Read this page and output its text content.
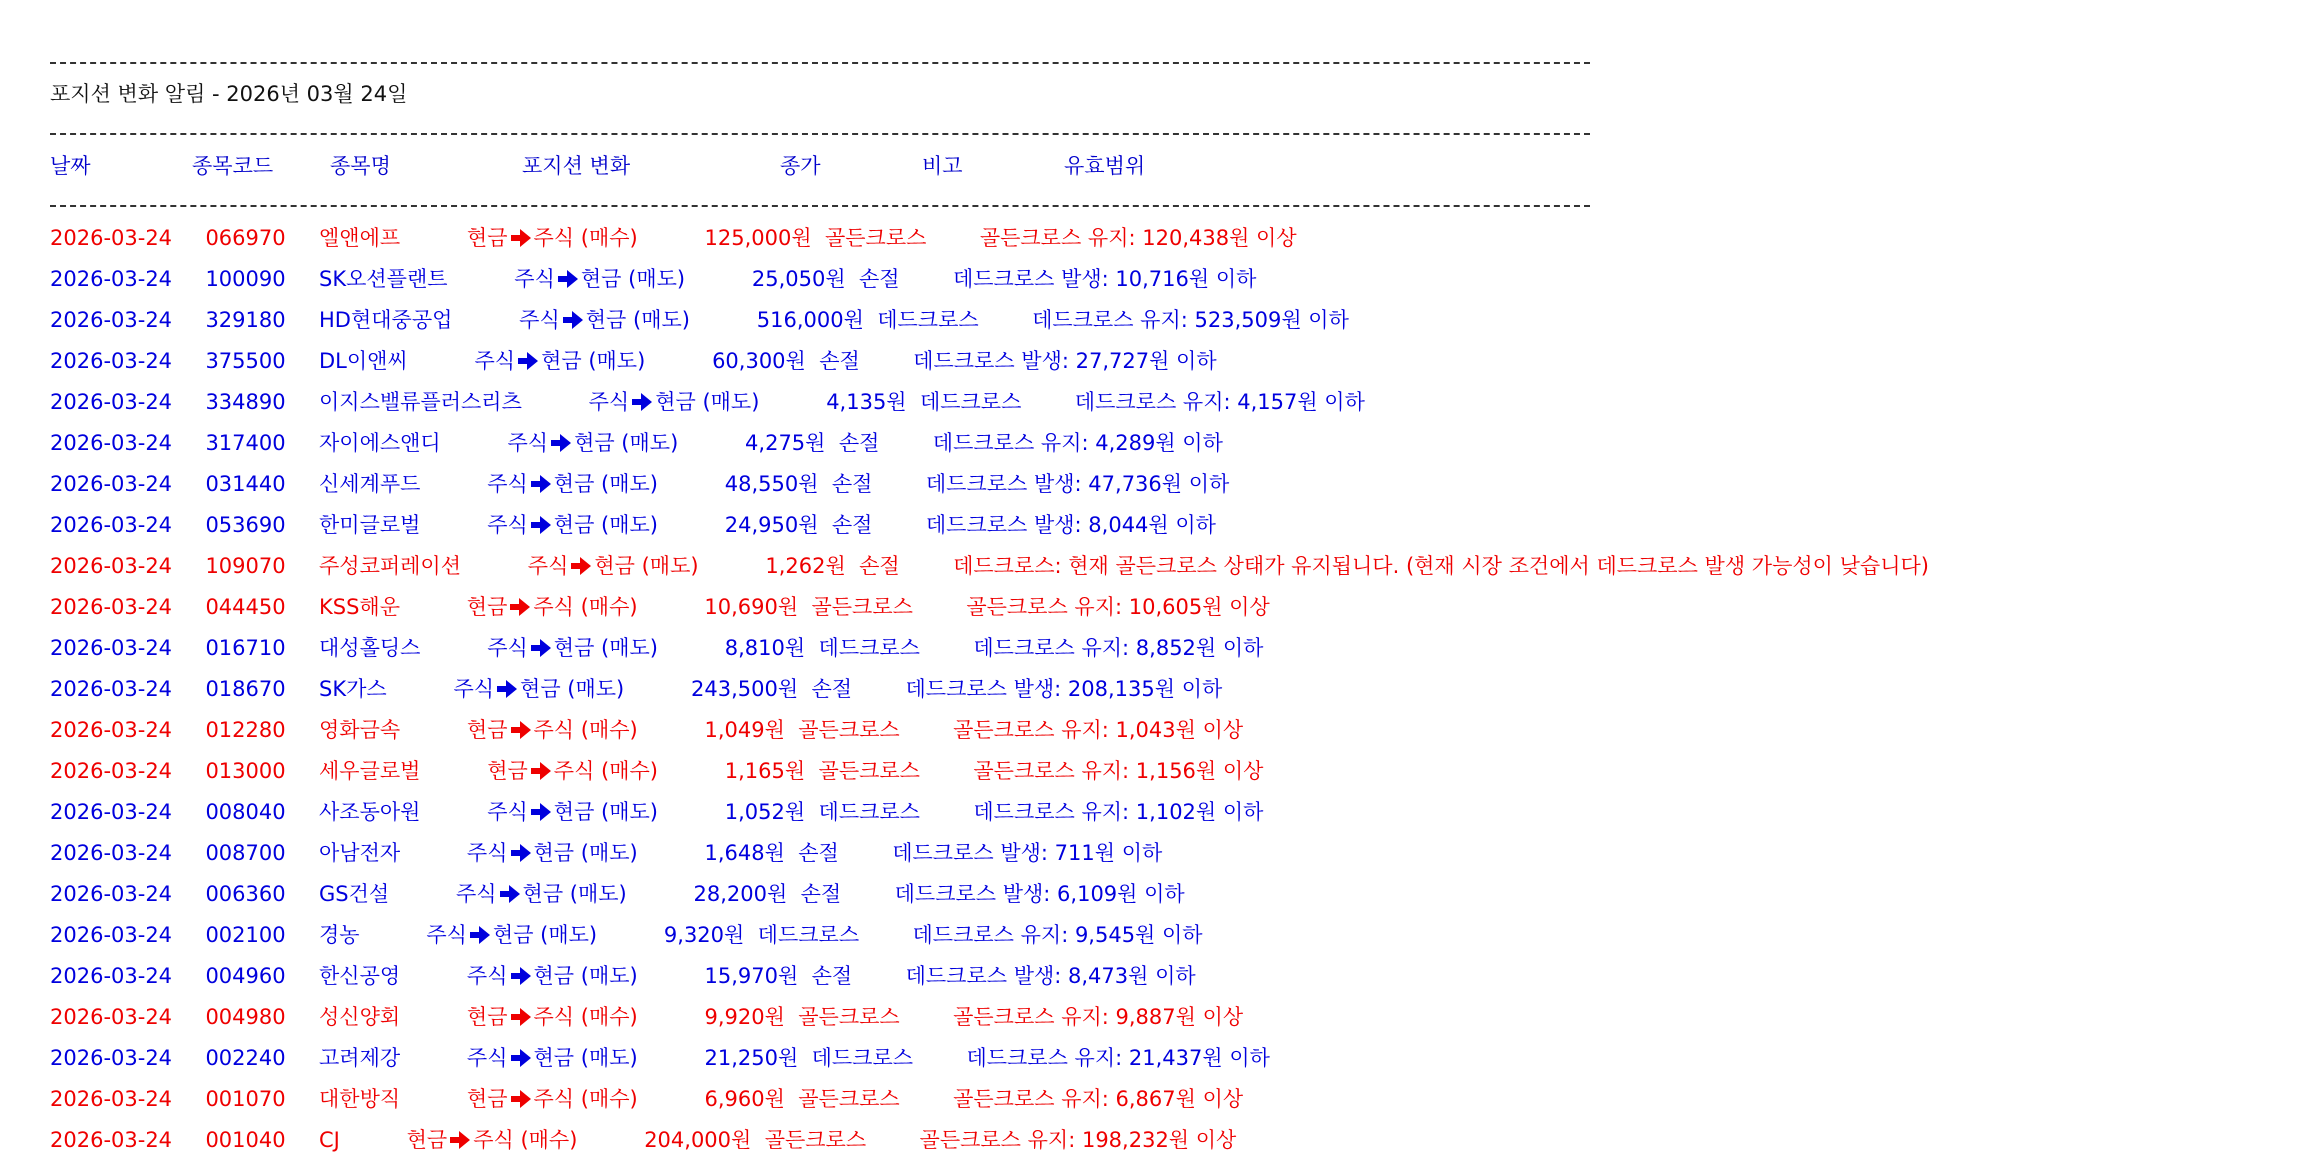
포지션 변화 알림 - 2026년 03월 24일
날짜	종목코드	종목명	포지션 변화	종가	비고	유효범위
2026-03-24 066970 엘앤에프	현금 주식 (매수)	125,000원 골든크로스	골든크로스 유지: 120,438원 이상
2026-03-24 100090 SK오션플랜트	주식 현금 (매도)	25,050원 손절	데드크로스 발생: 10,716원 이하
2026-03-24 329180 HD현대중공업	주식 현금 (매도)	516,000원 데드크로스	데드크로스 유지: 523,509원 이하
2026-03-24 375500 DL이앤씨	주식 현금 (매도)	60,300원 손절	데드크로스 발생: 27,727원 이하
2026-03-24 334890 이지스밸류플러스리츠	주식 현금 (매도)	4,135원 데드크로스	데드크로스 유지: 4,157원 이하
2026-03-24 317400 자이에스앤디	주식 현금 (매도)	4,275원 손절	데드크로스 유지: 4,289원 이하
2026-03-24 031440 신세계푸드	주식 현금 (매도)	48,550원 손절	데드크로스 발생: 47,736원 이하
2026-03-24 053690 한미글로벌	주식 현금 (매도)	24,950원 손절	데드크로스 발생: 8,044원 이하
2026-03-24 109070 주성코퍼레이션	주식 현금 (매도)	1,262원 손절	데드크로스: 현재 골든크로스 상태가 유지됩니다. (현재 시장 조건에서 데드크로스 발생 가능성이 낮습니다)
2026-03-24 044450 KSS해운	현금 주식 (매수)	10,690원 골든크로스	골든크로스 유지: 10,605원 이상
2026-03-24 016710 대성홀딩스	주식 현금 (매도)	8,810원 데드크로스	데드크로스 유지: 8,852원 이하
2026-03-24 018670 SK가스	주식 현금 (매도)	243,500원 손절	데드크로스 발생: 208,135원 이하
2026-03-24 012280 영화금속	현금 주식 (매수)	1,049원 골든크로스	골든크로스 유지: 1,043원 이상
2026-03-24 013000 세우글로벌	현금 주식 (매수)	1,165원 골든크로스	골든크로스 유지: 1,156원 이상
2026-03-24 008040 사조동아원	주식 현금 (매도)	1,052원 데드크로스	데드크로스 유지: 1,102원 이하
2026-03-24 008700 아남전자	주식 현금 (매도)	1,648원 손절	데드크로스 발생: 711원 이하
2026-03-24 006360 GS건설	주식 현금 (매도)	28,200원 손절	데드크로스 발생: 6,109원 이하
2026-03-24 002100 경농	주식 현금 (매도)	9,320원 데드크로스	데드크로스 유지: 9,545원 이하
2026-03-24 004960 한신공영	주식 현금 (매도)	15,970원 손절	데드크로스 발생: 8,473원 이하
2026-03-24 004980 성신양회	현금 주식 (매수)	9,920원 골든크로스	골든크로스 유지: 9,887원 이상
2026-03-24 002240 고려제강	주식 현금 (매도)	21,250원 데드크로스	데드크로스 유지: 21,437원 이하
2026-03-24 001070 대한방직	현금 주식 (매수)	6,960원 골든크로스	골든크로스 유지: 6,867원 이상
2026-03-24 001040 CJ	현금 주식 (매수)	204,000원 골든크로스	골든크로스 유지: 198,232원 이상
